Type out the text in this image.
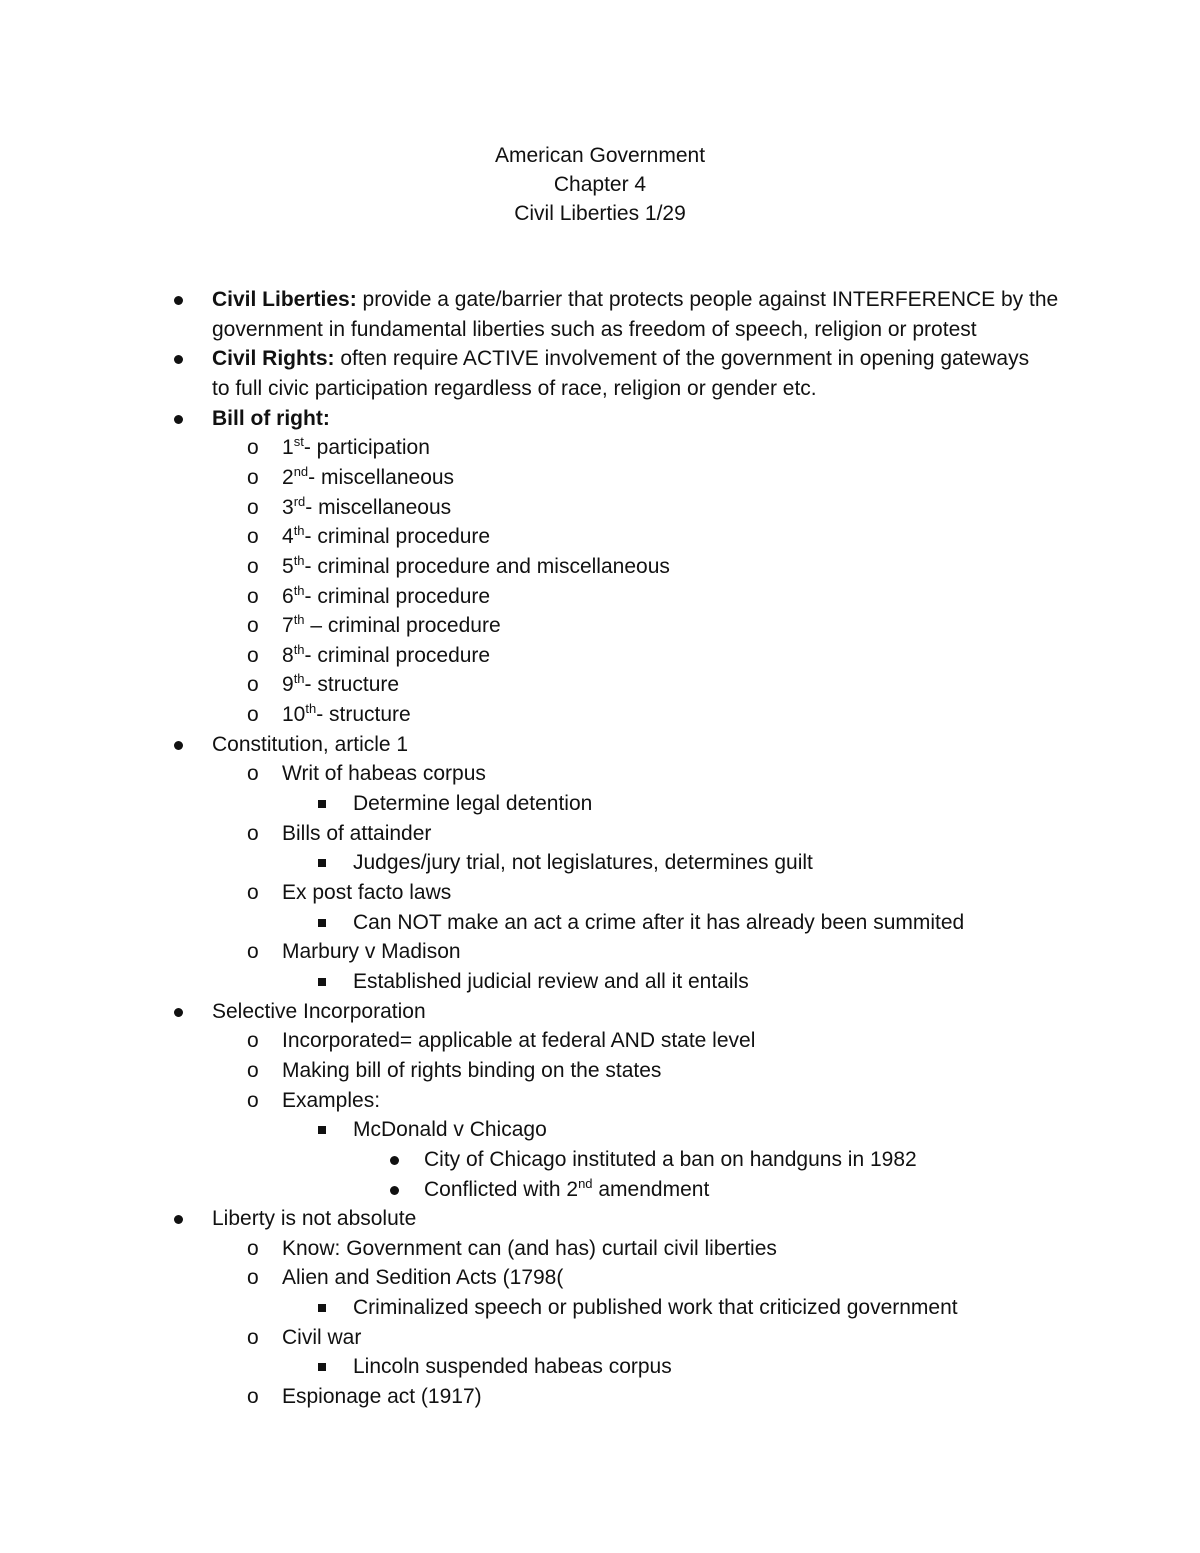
American Government
Chapter 4
Civil Liberties 1/29
Civil Liberties: provide a gate/barrier that protects people against INTERFERENCE by the
government in fundamental liberties such as freedom of speech, religion or protest
Civil Rights: often require ACTIVE involvement of the government in opening gateways
to full civic participation regardless of race, religion or gender etc.
Bill of right:
o 1st- participation
o 2nd- miscellaneous
o 3rd- miscellaneous
o 4th- criminal procedure
o 5th- criminal procedure and miscellaneous
o 6th- criminal procedure
o 7th – criminal procedure
o 8th- criminal procedure
o 9th- structure
o 10th- structure
Constitution, article 1
o Writ of habeas corpus
Determine legal detention
o Bills of attainder
Judges/jury trial, not legislatures, determines guilt
o Ex post facto laws
Can NOT make an act a crime after it has already been summited
o Marbury v Madison
Established judicial review and all it entails
Selective Incorporation
o Incorporated= applicable at federal AND state level
o Making bill of rights binding on the states
o Examples:
McDonald v Chicago
City of Chicago instituted a ban on handguns in 1982
Conflicted with 2nd amendment
Liberty is not absolute
o Know: Government can (and has) curtail civil liberties
o Alien and Sedition Acts (1798(
Criminalized speech or published work that criticized government
o Civil war
Lincoln suspended habeas corpus
o Espionage act (1917)
